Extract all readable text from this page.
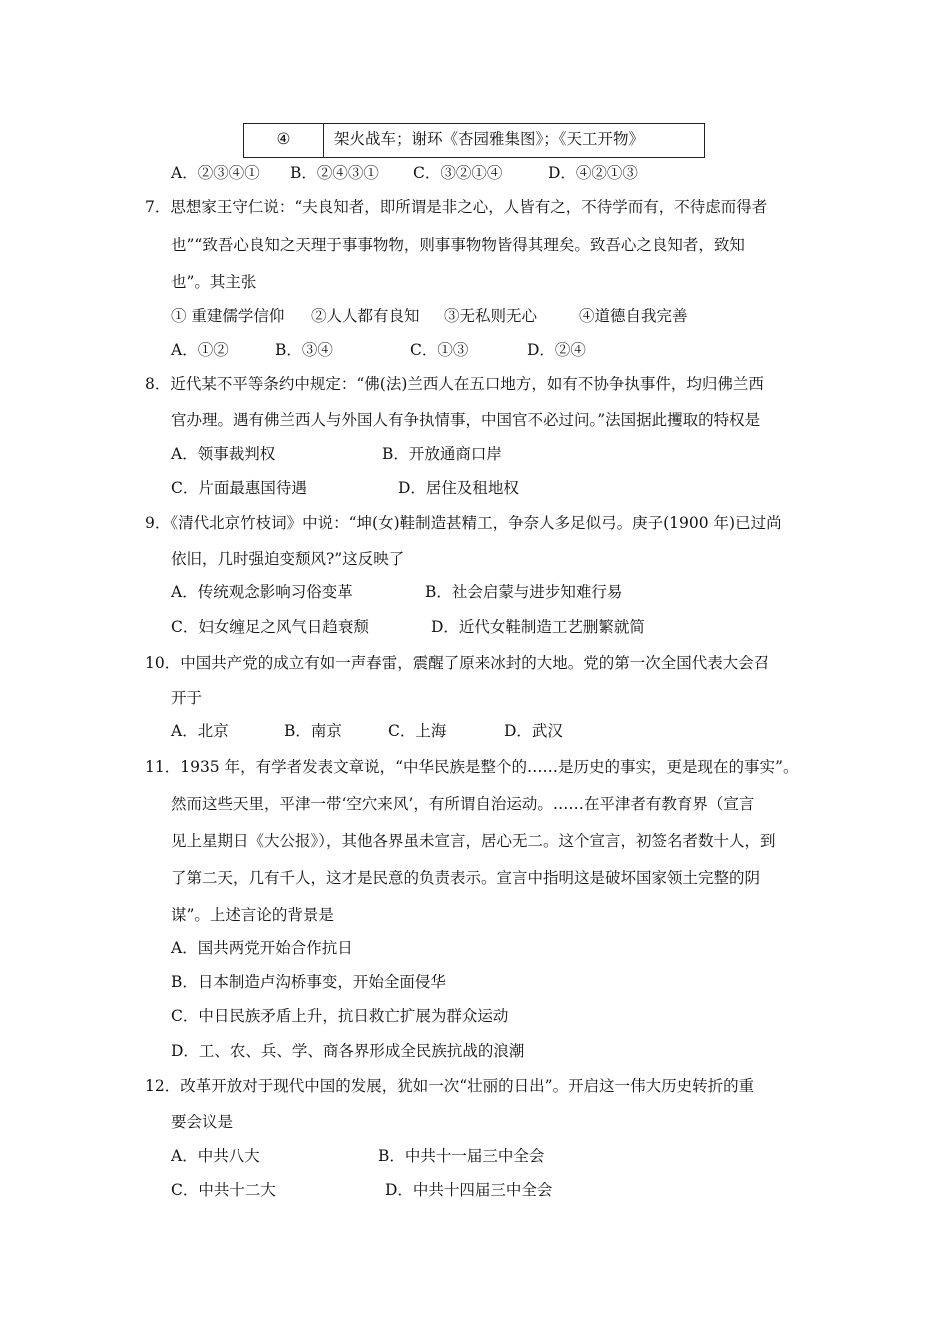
④	架火战车；谢环《杏园雅集图》；《天工开物》
A．②③④① B．②④③① C．③②①④	D．④②①③
7．思想家王守仁说：“夫良知者，即所谓是非之心，人皆有之，不待学而有，不待虑而得者
也”“致吾心良知之天理于事事物物，则事事物物皆得其理矣。致吾心之良知者，致知
也”。其主张
① 重建儒学信仰 ②人人都有良知 ③无私则无心	④道德自我完善
A．①②	B．③④	C．①③	D．②④
8．近代某不平等条约中规定：“佛(法)兰西人在五口地方，如有不协争执事件，均归佛兰西
官办理。遇有佛兰西人与外国人有争执情事，中国官不必过问。”法国据此攫取的特权是
A．领事裁判权	B．开放通商口岸
C．片面最惠国待遇	D．居住及租地权
9．《清代北京竹枝词》中说：“坤(女)鞋制造甚精工，争奈人多足似弓。庚子(1900 年)已过尚
依旧，几时强迫变颓风?”这反映了
A．传统观念影响习俗变革	B．社会启蒙与进步知难行易
C．妇女缠足之风气日趋衰颓	D．近代女鞋制造工艺删繁就简
10．中国共产党的成立有如一声春雷，震醒了原来冰封的大地。党的第一次全国代表大会召
开于
A．北京	B．南京	C．上海	D．武汉
11．1935 年，有学者发表文章说，“中华民族是整个的……是历史的事实，更是现在的事实”。
然而这些天里，平津一带‘空穴来风’，有所谓自治运动。……在平津者有教育界（宣言
见上星期日《大公报》），其他各界虽未宣言，居心无二。这个宣言，初签名者数十人，到
了第二天，几有千人，这才是民意的负责表示。宣言中指明这是破坏国家领土完整的阴
谋”。上述言论的背景是
A．国共两党开始合作抗日
B．日本制造卢沟桥事变，开始全面侵华
C．中日民族矛盾上升，抗日救亡扩展为群众运动
D．工、农、兵、学、商各界形成全民族抗战的浪潮
12．改革开放对于现代中国的发展，犹如一次“壮丽的日出”。开启这一伟大历史转折的重
要会议是
A．中共八大	B．中共十一届三中全会
C．中共十二大	D．中共十四届三中全会
